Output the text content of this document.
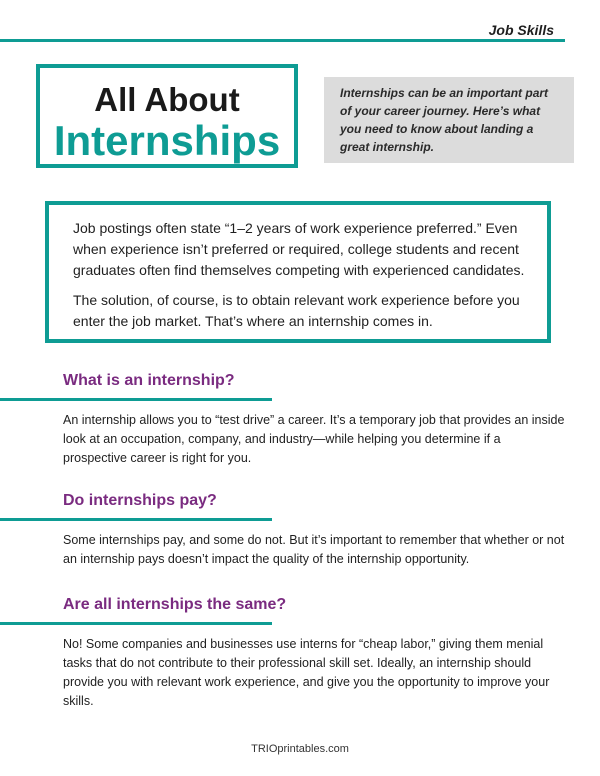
Job Skills
All About
Internships
Internships can be an important part of your career journey. Here’s what you need to know about landing a great internship.

Job postings often state “1–2 years of work experience preferred.” Even when experience isn’t preferred or required, college students and recent graduates often find themselves competing with experienced candidates.

The solution, of course, is to obtain relevant work experience before you enter the job market. That’s where an internship comes in.

What is an internship?

An internship allows you to “test drive” a career. It’s a temporary job that provides an inside look at an occupation, company, and industry—while helping you determine if a prospective career is right for you.

Do internships pay?

Some internships pay, and some do not. But it’s important to remember that whether or not an internship pays doesn’t impact the quality of the internship opportunity.

Are all internships the same?

No! Some companies and businesses use interns for “cheap labor,” giving them menial tasks that do not contribute to their professional skill set. Ideally, an internship should provide you with relevant work experience, and give you the opportunity to improve your skills.

TRIOprintables.com
